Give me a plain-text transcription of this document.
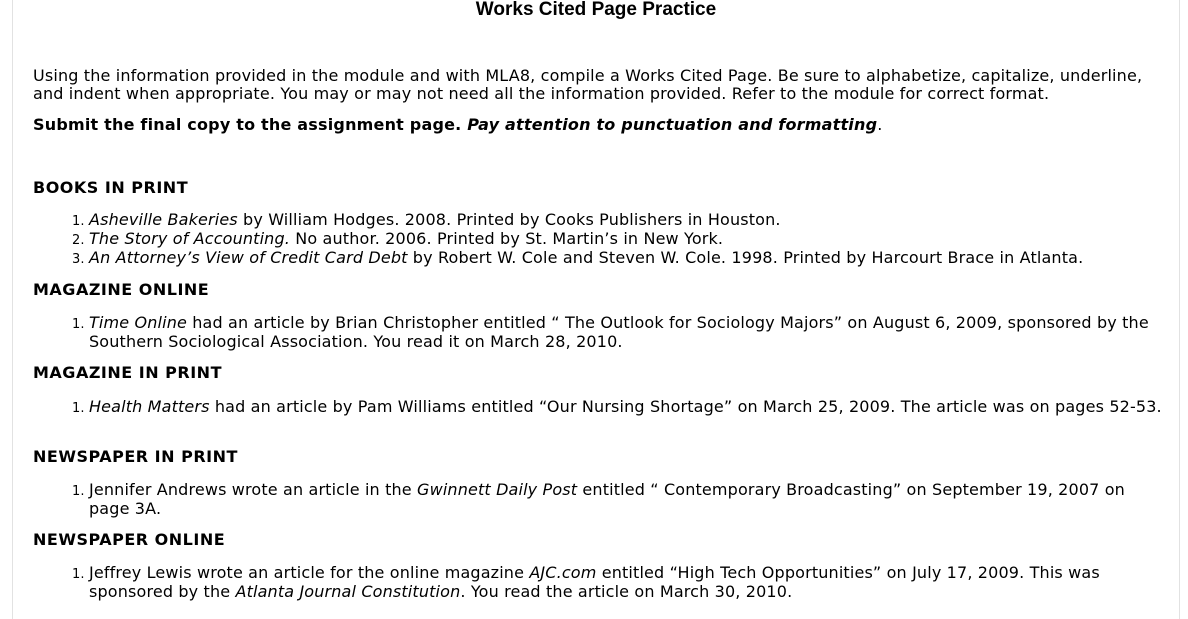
Works Cited Page Practice
Using the information provided in the module and with MLA8, compile a Works Cited Page. Be sure to alphabetize, capitalize, underline, and indent when appropriate. You may or may not need all the information provided. Refer to the module for correct format.
Submit the final copy to the assignment page. Pay attention to punctuation and formatting.
BOOKS IN PRINT
1. Asheville Bakeries by William Hodges. 2008. Printed by Cooks Publishers in Houston.
2. The Story of Accounting. No author. 2006. Printed by St. Martin’s in New York.
3. An Attorney’s View of Credit Card Debt by Robert W. Cole and Steven W. Cole. 1998. Printed by Harcourt Brace in Atlanta.
MAGAZINE ONLINE
1. Time Online had an article by Brian Christopher entitled “ The Outlook for Sociology Majors” on August 6, 2009, sponsored by the Southern Sociological Association. You read it on March 28, 2010.
MAGAZINE IN PRINT
1. Health Matters had an article by Pam Williams entitled “Our Nursing Shortage” on March 25, 2009. The article was on pages 52-53.
NEWSPAPER IN PRINT
1. Jennifer Andrews wrote an article in the Gwinnett Daily Post entitled “ Contemporary Broadcasting” on September 19, 2007 on page 3A.
NEWSPAPER ONLINE
1. Jeffrey Lewis wrote an article for the online magazine AJC.com entitled “High Tech Opportunities” on July 17, 2009. This was sponsored by the Atlanta Journal Constitution. You read the article on March 30, 2010.
